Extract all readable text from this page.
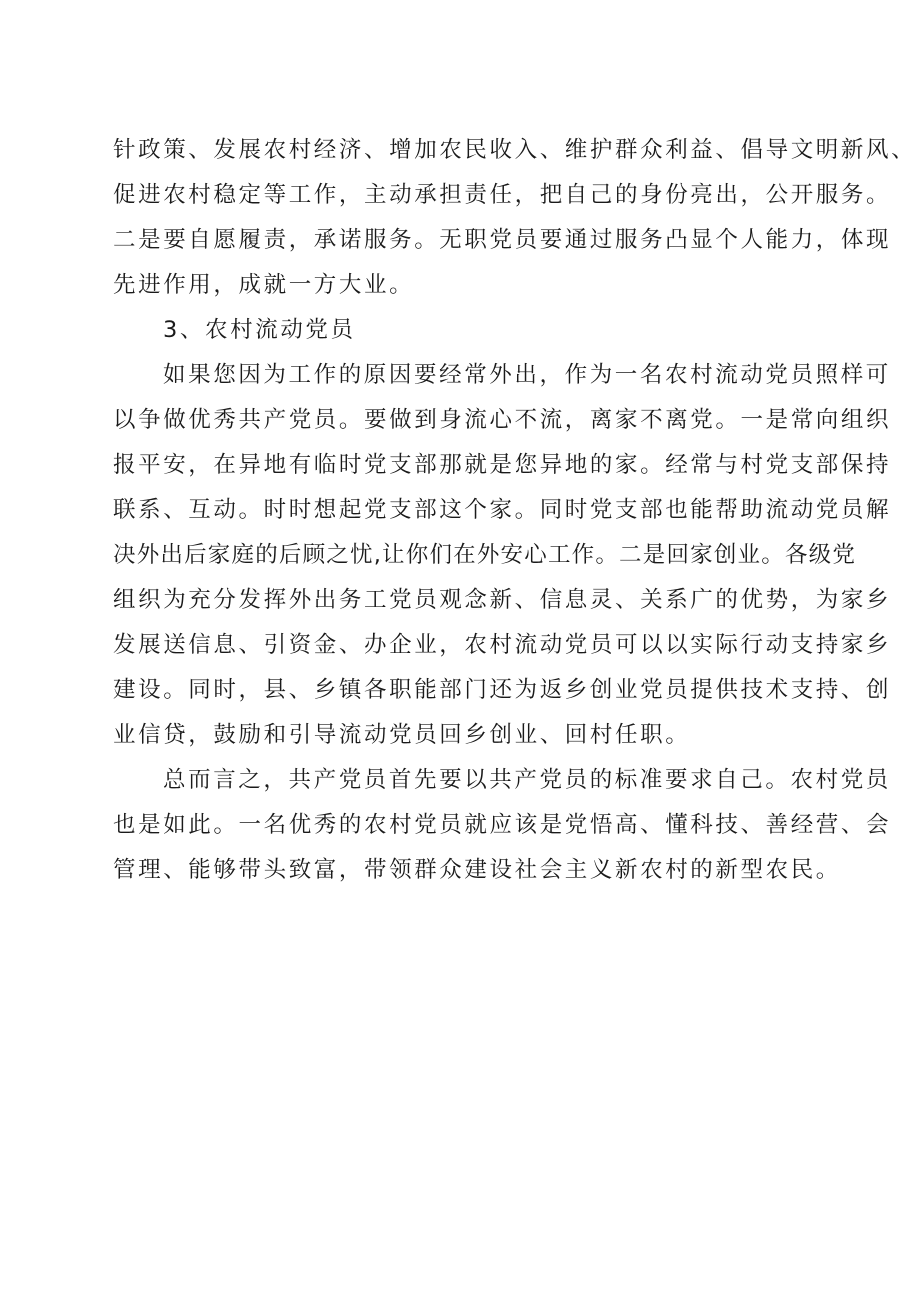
针政策、发展农村经济、增加农民收入、维护群众利益、倡导文明新风、
促进农村稳定等工作，主动承担责任，把自己的身份亮出，公开服务。
二是要自愿履责，承诺服务。无职党员要通过服务凸显个人能力，体现
先进作用，成就一方大业。
3、农村流动党员
如果您因为工作的原因要经常外出，作为一名农村流动党员照样可
以争做优秀共产党员。要做到身流心不流，离家不离党。一是常向组织
报平安，在异地有临时党支部那就是您异地的家。经常与村党支部保持
联系、互动。时时想起党支部这个家。同时党支部也能帮助流动党员解
决外出后家庭的后顾之忧,让你们在外安心工作。二是回家创业。各级党
组织为充分发挥外出务工党员观念新、信息灵、关系广的优势，为家乡
发展送信息、引资金、办企业，农村流动党员可以以实际行动支持家乡
建设。同时，县、乡镇各职能部门还为返乡创业党员提供技术支持、创
业信贷，鼓励和引导流动党员回乡创业、回村任职。
总而言之，共产党员首先要以共产党员的标准要求自己。农村党员
也是如此。一名优秀的农村党员就应该是党悟高、懂科技、善经营、会
管理、能够带头致富，带领群众建设社会主义新农村的新型农民。
